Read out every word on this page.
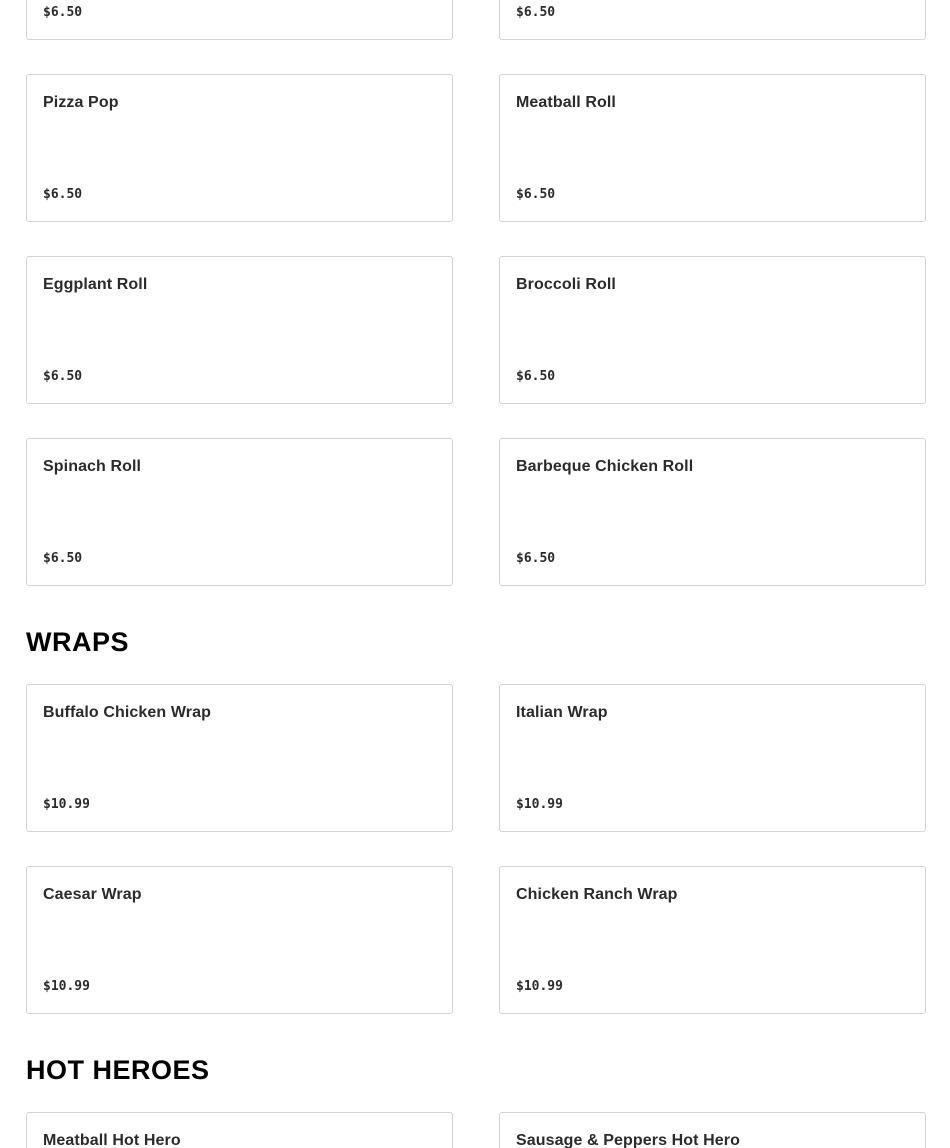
$6.50	$6.50
Pizza Pop
$6.50
Meatball Roll
$6.50
Eggplant Roll
$6.50
Broccoli Roll
$6.50
Spinach Roll
$6.50
Barbeque Chicken Roll
$6.50
WRAPS
Buffalo Chicken Wrap
$10.99
Italian Wrap
$10.99
Caesar Wrap
$10.99
Chicken Ranch Wrap
$10.99
HOT HEROES
Meatball Hot Hero	Sausage & Peppers Hot Hero
